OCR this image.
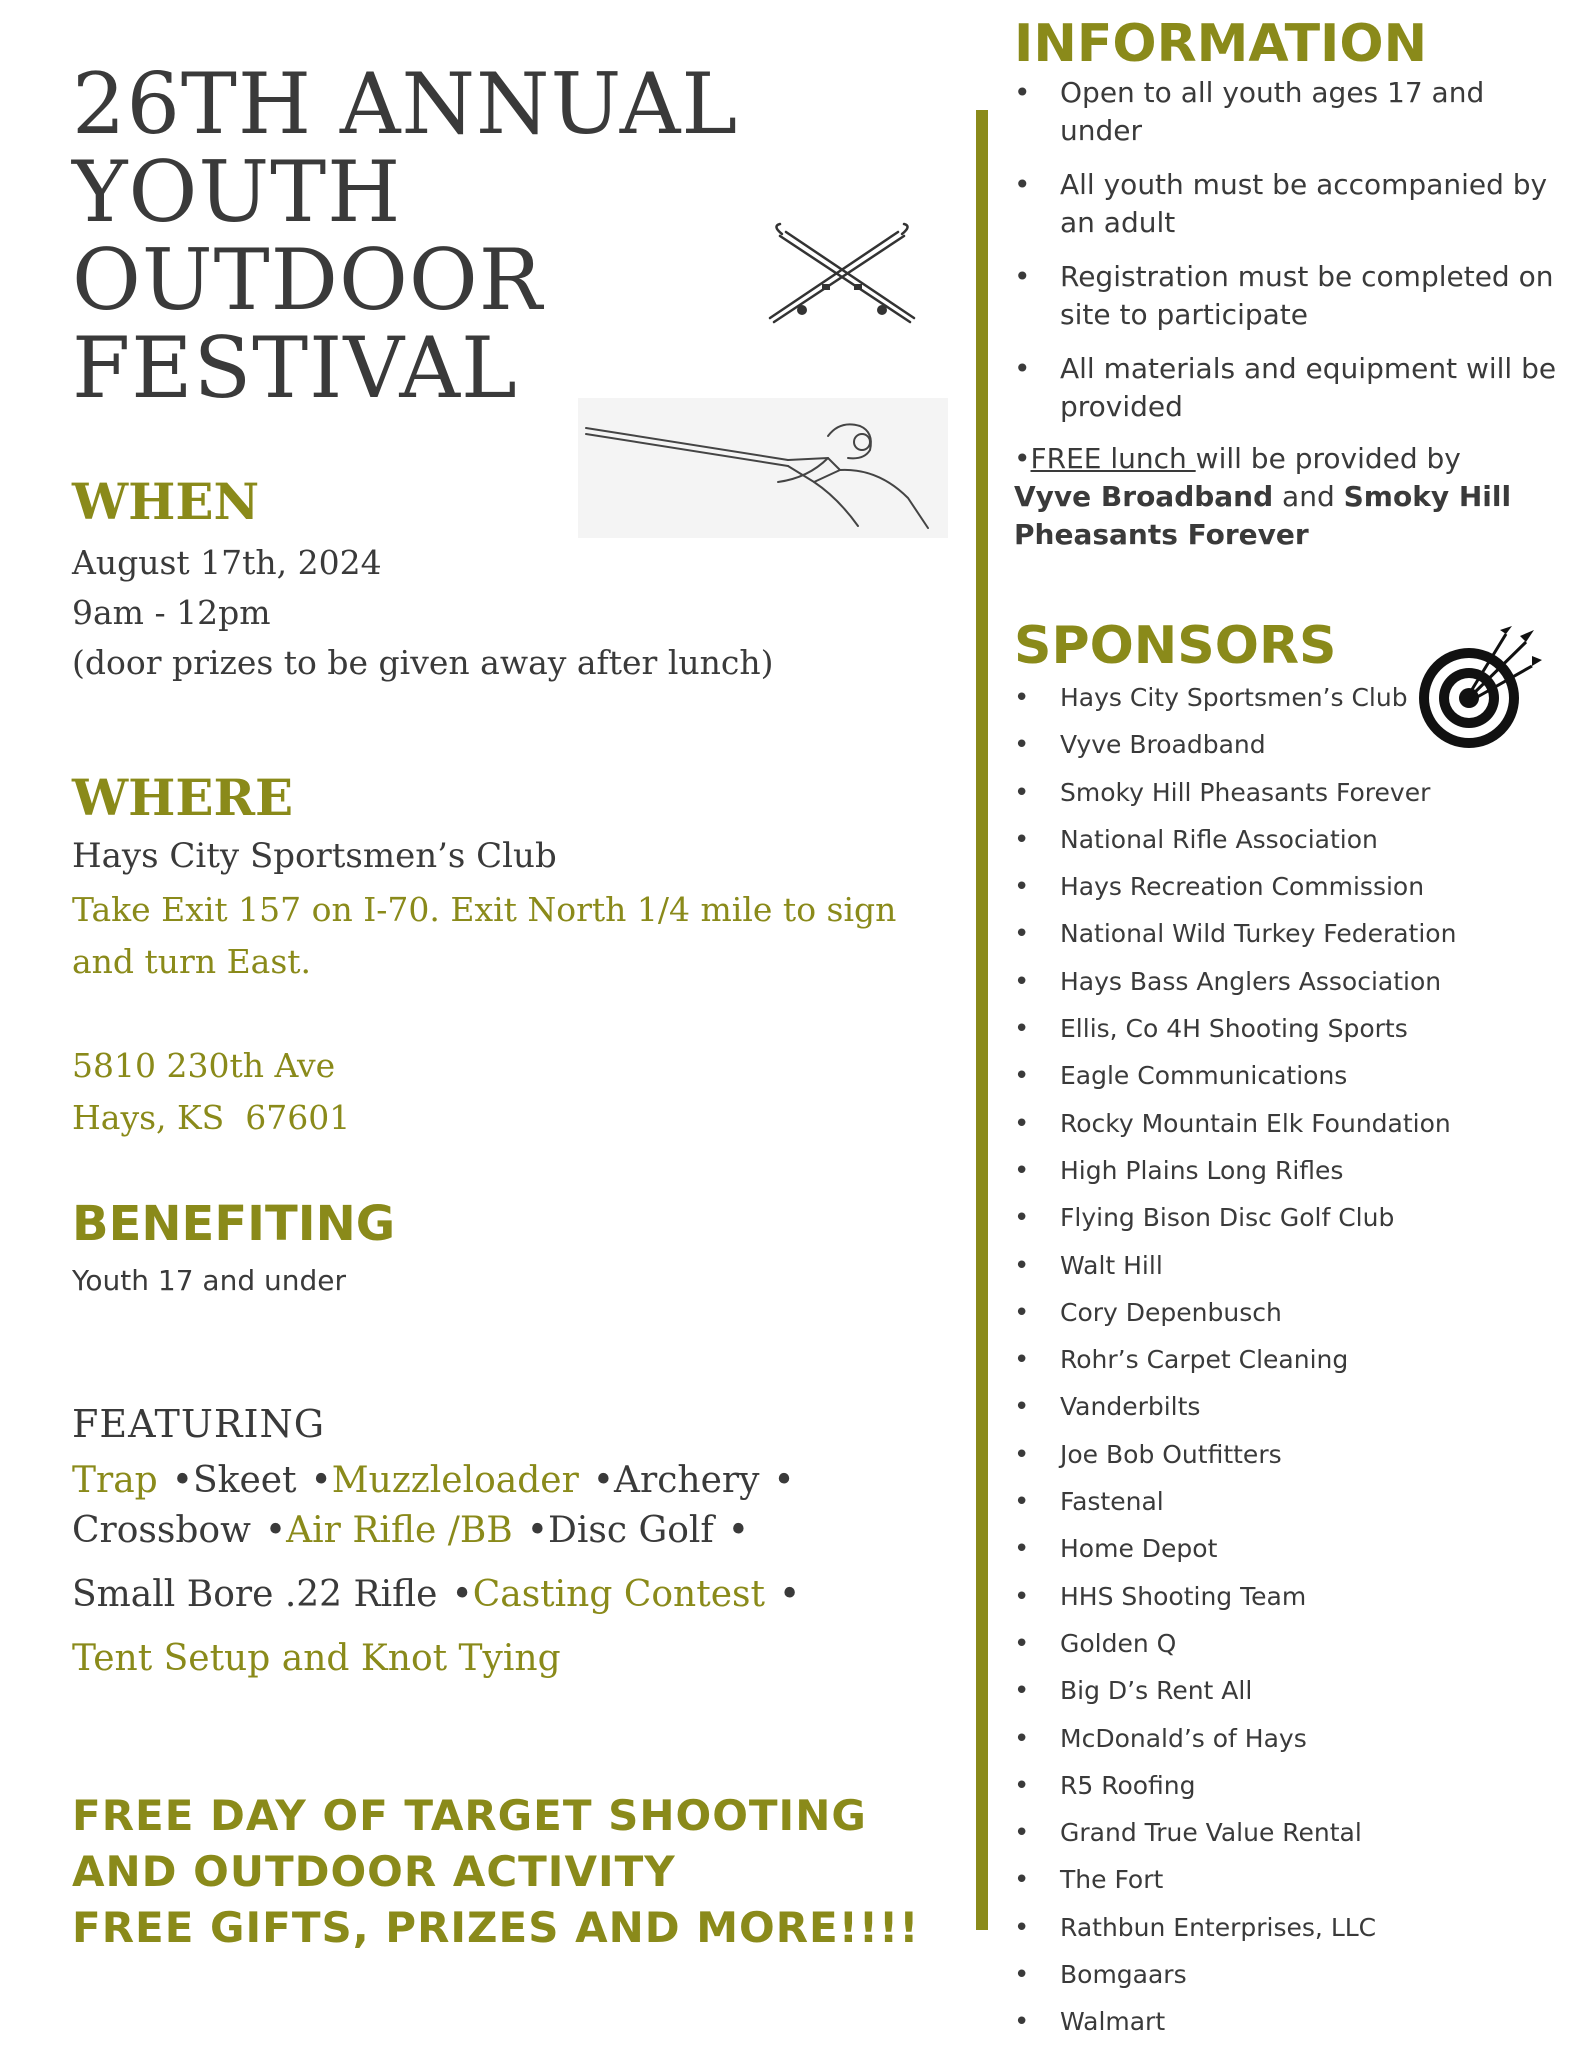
26TH ANNUAL
YOUTH
OUTDOOR
FESTIVAL
WHEN
August 17th, 2024
9am - 12pm
(door prizes to be given away after lunch)
WHERE
Hays City Sportsmen’s Club
Take Exit 157 on I-70. Exit North 1/4 mile to sign and turn East.
5810 230th Ave
Hays, KS  67601
BENEFITING
Youth 17 and under
FEATURING
Trap •Skeet •Muzzleloader •Archery •
Crossbow •Air Rifle /BB •Disc Golf •
Small Bore .22 Rifle •Casting Contest •
Tent Setup and Knot Tying
FREE DAY OF TARGET SHOOTING
AND OUTDOOR ACTIVITY
FREE GIFTS, PRIZES AND MORE!!!!
INFORMATION
• Open to all youth ages 17 and under
• All youth must be accompanied by an adult
• Registration must be completed on site to participate
• All materials and equipment will be provided
•FREE lunch will be provided by
Vyve Broadband and Smoky Hill Pheasants Forever
SPONSORS
• Hays City Sportsmen’s Club
• Vyve Broadband
• Smoky Hill Pheasants Forever
• National Rifle Association
• Hays Recreation Commission
• National Wild Turkey Federation
• Hays Bass Anglers Association
• Ellis, Co 4H Shooting Sports
• Eagle Communications
• Rocky Mountain Elk Foundation
• High Plains Long Rifles
• Flying Bison Disc Golf Club
• Walt Hill
• Cory Depenbusch
• Rohr’s Carpet Cleaning
• Vanderbilts
• Joe Bob Outfitters
• Fastenal
• Home Depot
• HHS Shooting Team
• Golden Q
• Big D’s Rent All
• McDonald’s of Hays
• R5 Roofing
• Grand True Value Rental
• The Fort
• Rathbun Enterprises, LLC
• Bomgaars
• Walmart
